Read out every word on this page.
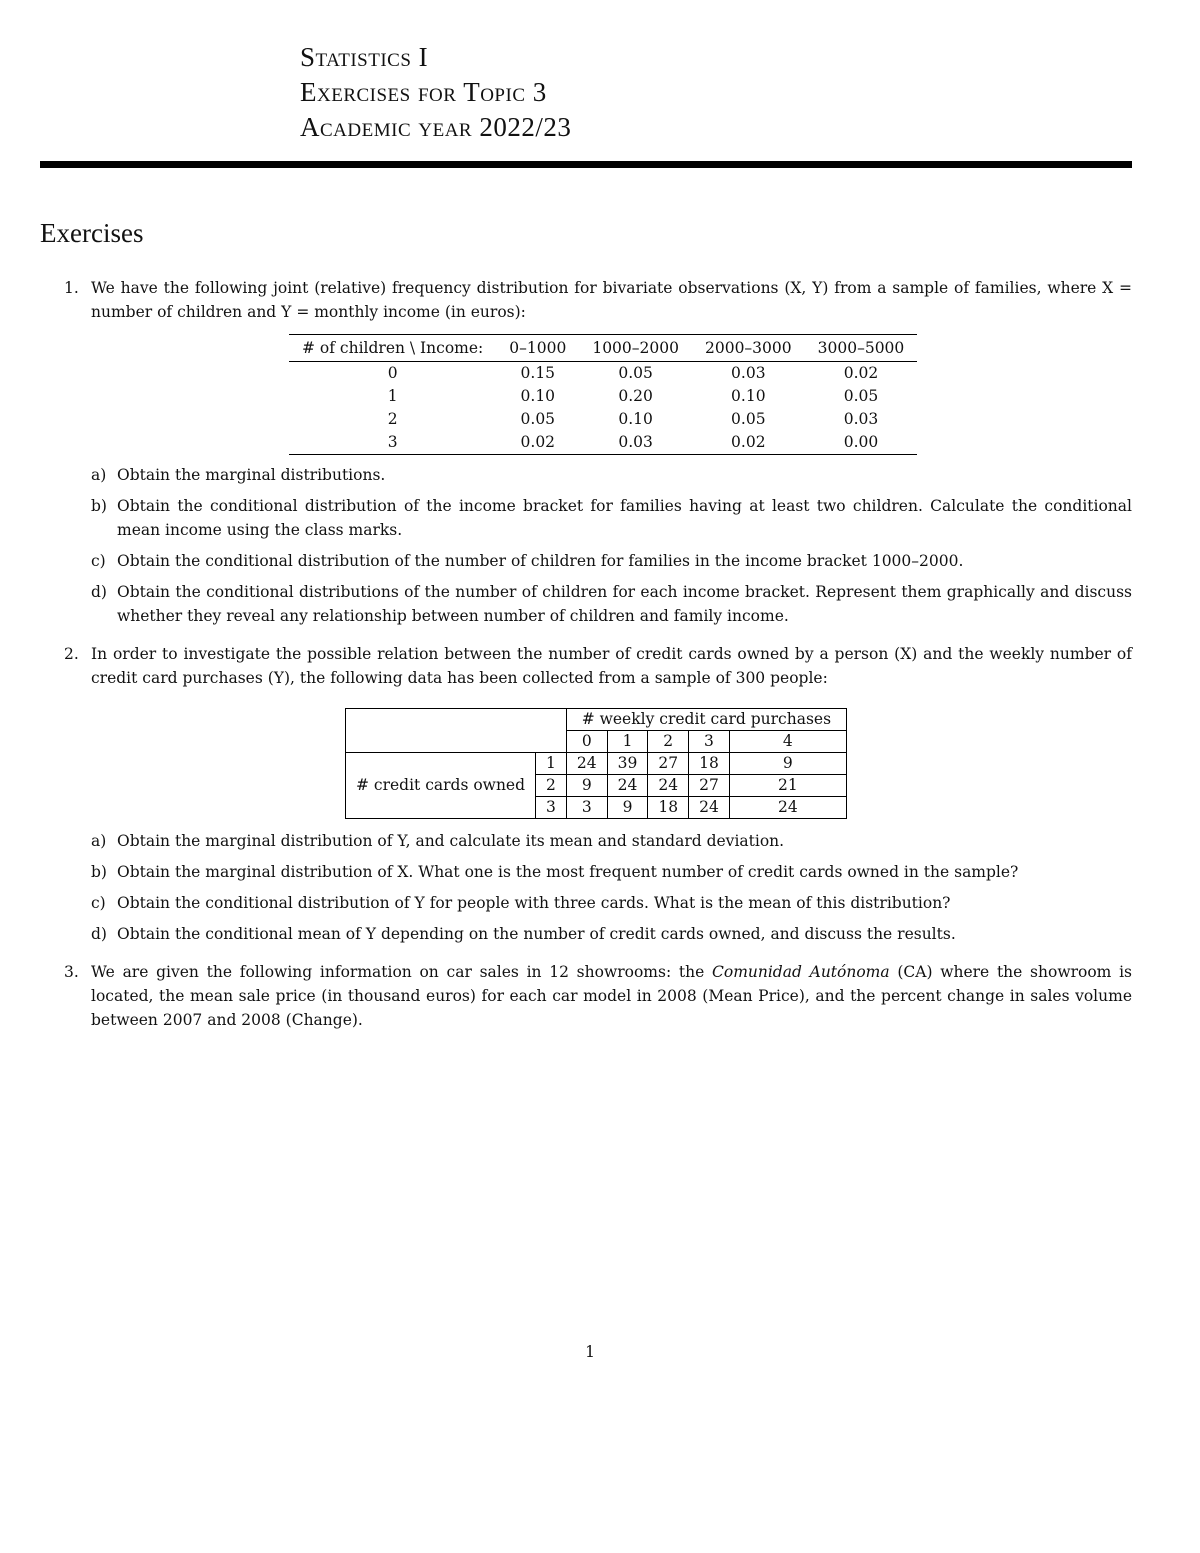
Statistics I
Exercises for Topic 3
Academic year 2022/23
Exercises
1. We have the following joint (relative) frequency distribution for bivariate observations (X, Y) from a sample of families, where X = number of children and Y = monthly income (in euros):

# of children \ Income:	0–1000	1000–2000	2000–3000	3000–5000
0	0.15	0.05	0.03	0.02
1	0.10	0.20	0.10	0.05
2	0.05	0.10	0.05	0.03
3	0.02	0.03	0.02	0.00
a) Obtain the marginal distributions.
b) Obtain the conditional distribution of the income bracket for families having at least two children. Calculate the conditional mean income using the class marks.
c) Obtain the conditional distribution of the number of children for families in the income bracket 1000–2000.
d) Obtain the conditional distributions of the number of children for each income bracket. Represent them graphically and discuss whether they reveal any relationship between number of children and family income.
2. In order to investigate the possible relation between the number of credit cards owned by a person (X) and the weekly number of credit card purchases (Y), the following data has been collected from a sample of 300 people:

		# weekly credit card purchases				
		0	1	2	3	4
# credit cards owned	1	24	39	27	18	9
	2	9	24	24	27	21
	3	3	9	18	24	24
a) Obtain the marginal distribution of Y, and calculate its mean and standard deviation.
b) Obtain the marginal distribution of X. What one is the most frequent number of credit cards owned in the sample?
c) Obtain the conditional distribution of Y for people with three cards. What is the mean of this distribution?
d) Obtain the conditional mean of Y depending on the number of credit cards owned, and discuss the results.
3. We are given the following information on car sales in 12 showrooms: the Comunidad Autónoma (CA) where the showroom is located, the mean sale price (in thousand euros) for each car model in 2008 (Mean Price), and the percent change in sales volume between 2007 and 2008 (Change).

1
